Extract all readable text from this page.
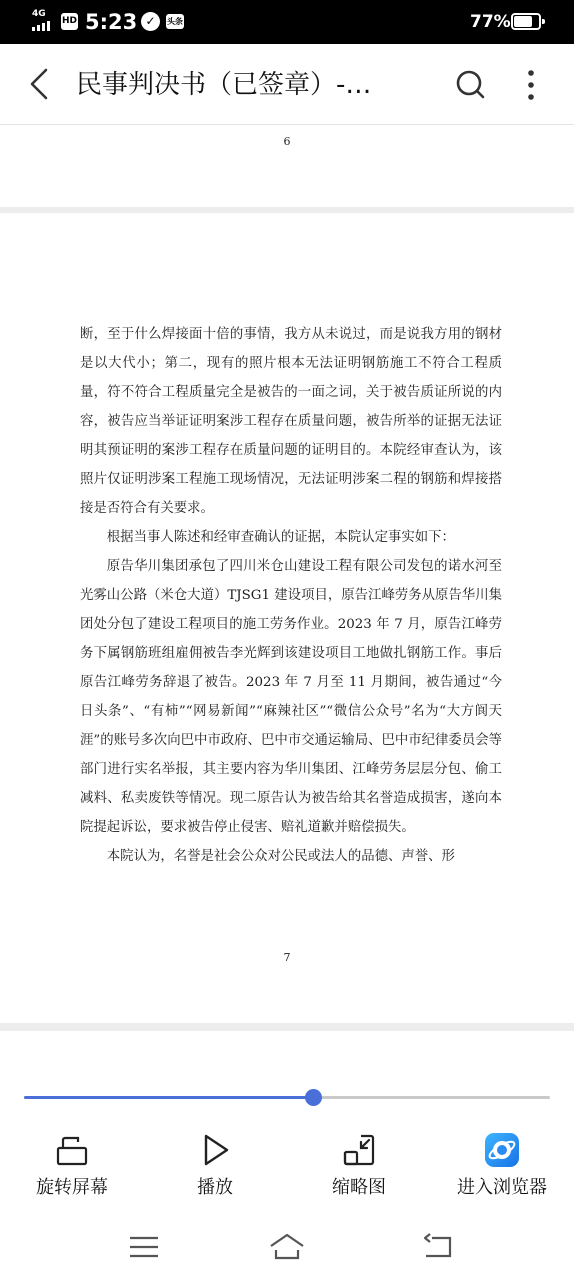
4G
HD 5:23 ✓	头条	77%
民事判决书（已签章）-…
6

断，至于什么焊接面十倍的事情，我方从未说过，而是说我方用的钢材是以大代小；第二，现有的照片根本无法证明钢筋施工不符合工程质量，符不符合工程质量完全是被告的一面之词，关于被告质证所说的内容，被告应当举证证明案涉工程存在质量问题，被告所举的证据无法证明其预证明的案涉工程存在质量问题的证明目的。本院经审查认为，该照片仅证明涉案工程施工现场情况，无法证明涉案二程的钢筋和焊接搭接是否符合有关要求。

根据当事人陈述和经审查确认的证据，本院认定事实如下：

原告华川集团承包了四川米仓山建设工程有限公司发包的诺水河至光雾山公路（米仓大道）TJSG1 建设项目，原告江峰劳务从原告华川集团处分包了建设工程项目的施工劳务作业。2023 年 7 月，原告江峰劳务下属钢筋班组雇佣被告李光辉到该建设项目工地做扎钢筋工作。事后原告江峰劳务辞退了被告。2023 年 7 月至 11 月期间，被告通过“今日头条”、“有柿”“网易新闻”“麻辣社区”“微信公众号”名为“大方阆天涯”的账号多次向巴中市政府、巴中市交通运输局、巴中市纪律委员会等部门进行实名举报，其主要内容为华川集团、江峰劳务层层分包、偷工减料、私卖废铁等情况。现二原告认为被告给其名誉造成损害，遂向本院提起诉讼，要求被告停止侵害、赔礼道歉并赔偿损失。

本院认为，名誉是社会公众对公民或法人的品德、声誉、形

7
旋转屏幕	播放	缩略图	进入浏览器
